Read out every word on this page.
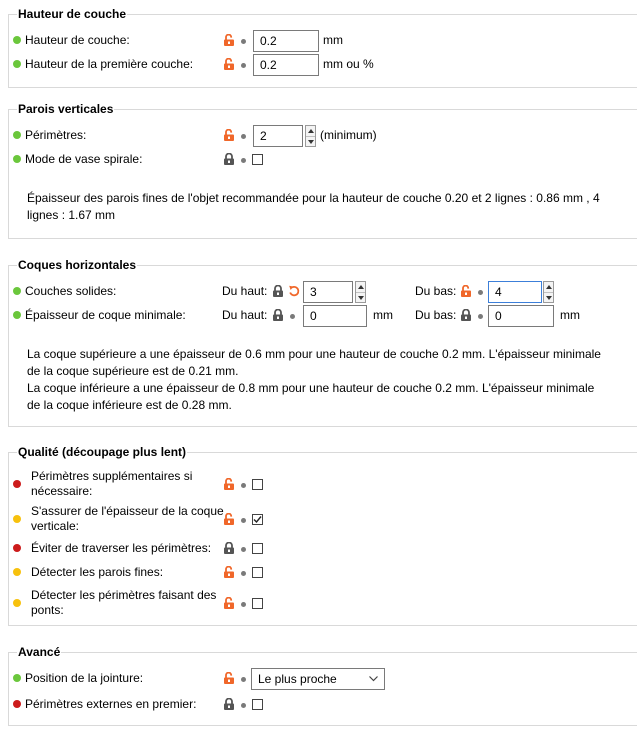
Hauteur de couche
Hauteur de couche:	0.2	mm
Hauteur de la première couche:	0.2	mm ou %
Parois verticales
Périmètres:	2	(minimum)
Mode de vase spirale:
Épaisseur des parois fines de l'objet recommandée pour la hauteur de couche 0.20 et 2 lignes : 0.86 mm , 4 lignes : 1.67 mm
Coques horizontales
Couches solides:	Du haut:	3	Du bas:	4
Épaisseur de coque minimale:	Du haut:	0	mm Du bas:	0	mm
La coque supérieure a une épaisseur de 0.6 mm pour une hauteur de couche 0.2 mm. L'épaisseur minimale
de la coque supérieure est de 0.21 mm.
La coque inférieure a une épaisseur de 0.8 mm pour une hauteur de couche 0.2 mm. L'épaisseur minimale
de la coque inférieure est de 0.28 mm.
Qualité (découpage plus lent)
Périmètres supplémentaires si
nécessaire:
S'assurer de l'épaisseur de la coque
verticale:
Éviter de traverser les périmètres:
Détecter les parois fines:
Détecter les périmètres faisant des
ponts:
Avancé
Position de la jointure:	Le plus proche
Périmètres externes en premier:
